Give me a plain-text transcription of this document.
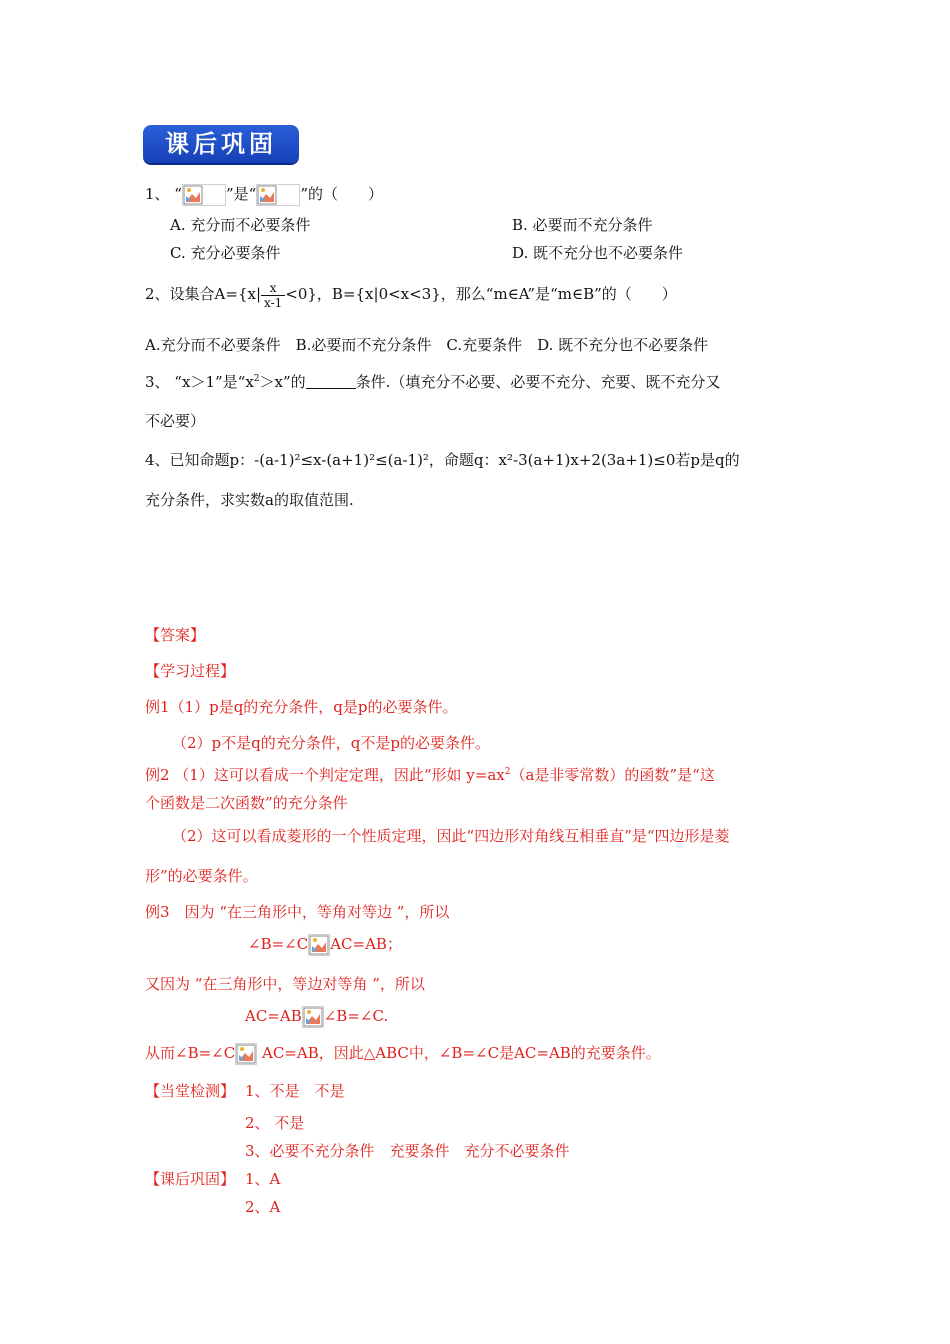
课后巩固
1、 “	”是“	”的（　　）
A. 充分而不必要条件	B. 必要而不充分条件
C. 充分必要条件	D. 既不充分也不必要条件
2、设集合$A=\{x| \frac{x}{x-1} <0\}$，B={x|0<x<3}，那么“m∈A”是“m∈B”的（　　）
A.充分而不必要条件　B.必要而不充分条件　C.充要条件　D. 既不充分也不必要条件
3、 “x＞1”是“$x^2>x$”的	条件.（填充分不必要、必要不充分、充要、既不充分又
不必要）
4、已知命题p：-(a-1)²≤x-(a+1)²≤(a-1)²，命题q：x²-3(a+1)x+2(3a+1)≤0若p是q的
充分条件，求实数a的取值范围.
【答案】
【学习过程】
例1（1）p是q的充分条件，q是p的必要条件。
（2）p不是q的充分条件，q不是p的必要条件。
例2 （1）这可以看成一个判定定理，因此“形如 $y=ax^2(a$是非零常数）的函数”是“这
个函数是二次函数”的充分条件
（2）这可以看成菱形的一个性质定理，因此“四边形对角线互相垂直”是“四边形是菱
形”的必要条件。
例3　因为 “在三角形中，等角对等边 ”，所以
∠B=∠C AC=AB；
又因为 “在三角形中，等边对等角 ”，所以
AC=AB ∠B=∠C.
从而∠B=∠C
AC=AB，因此△ABC中，∠B=∠C是AC=AB的充要条件。
【当堂检测】 1、不是　不是
2、 不是
3、必要不充分条件　充要条件　充分不必要条件
【课后巩固】 1、A
2、A
